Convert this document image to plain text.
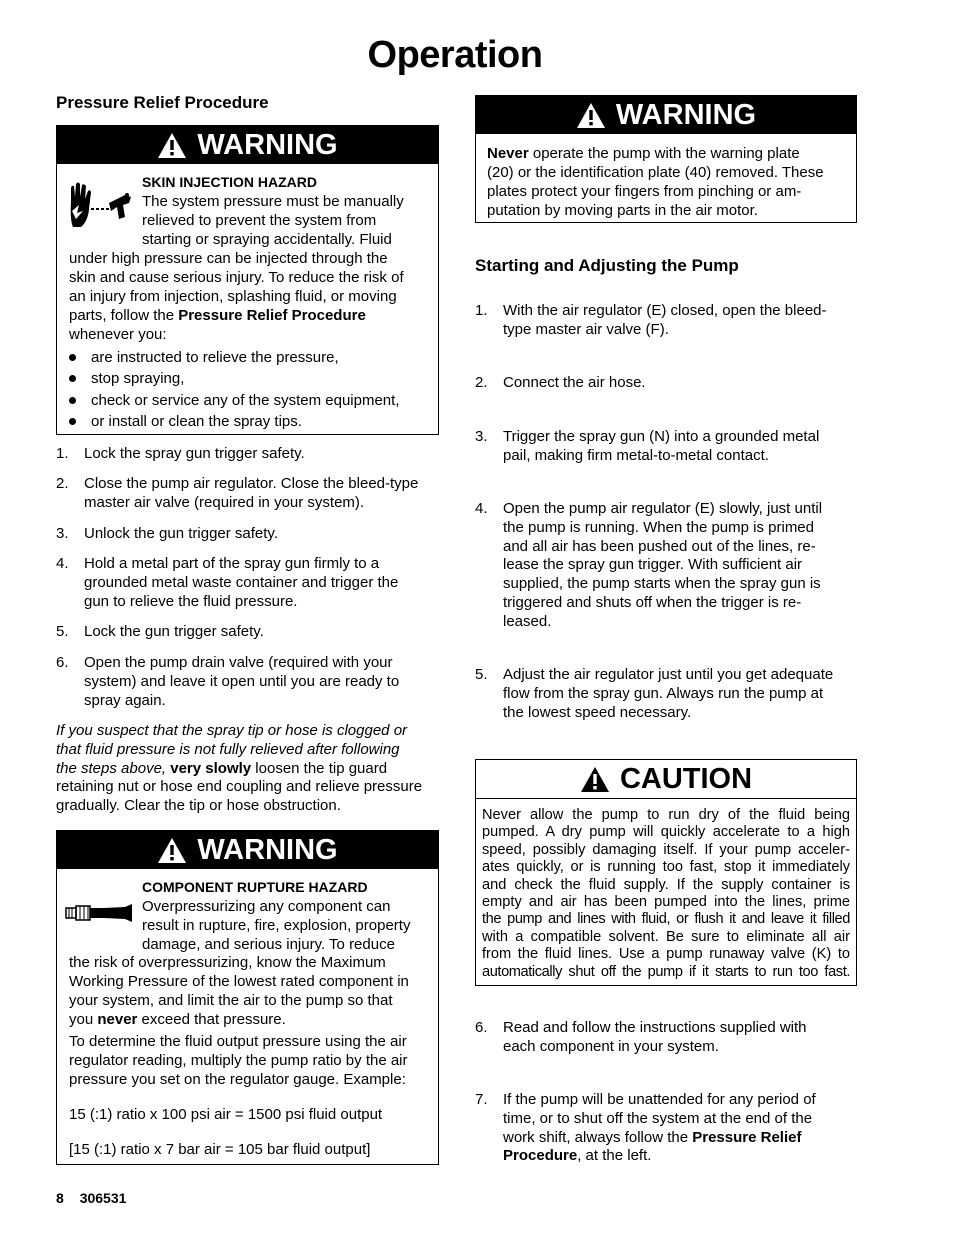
Operation
Pressure Relief Procedure
WARNING
SKIN INJECTION HAZARD
The system pressure must be manually
relieved to prevent the system from
starting or spraying accidentally. Fluid
under high pressure can be injected through the
skin and cause serious injury. To reduce the risk of
an injury from injection, splashing fluid, or moving
parts, follow the Pressure Relief Procedure
whenever you:
are instructed to relieve the pressure,
stop spraying,
check or service any of the system equipment,
or install or clean the spray tips.
1. Lock the spray gun trigger safety.
2. Close the pump air regulator. Close the bleed-type
master air valve (required in your system).
3. Unlock the gun trigger safety.
4. Hold a metal part of the spray gun firmly to a
grounded metal waste container and trigger the
gun to relieve the fluid pressure.
5. Lock the gun trigger safety.
6. Open the pump drain valve (required with your
system) and leave it open until you are ready to
spray again.
If you suspect that the spray tip or hose is clogged or
that fluid pressure is not fully relieved after following
the steps above, very slowly loosen the tip guard
retaining nut or hose end coupling and relieve pressure
gradually. Clear the tip or hose obstruction.
WARNING
COMPONENT RUPTURE HAZARD
Overpressurizing any component can
result in rupture, fire, explosion, property
damage, and serious injury. To reduce
the risk of overpressurizing, know the Maximum
Working Pressure of the lowest rated component in
your system, and limit the air to the pump so that
you never exceed that pressure.
To determine the fluid output pressure using the air
regulator reading, multiply the pump ratio by the air
pressure you set on the regulator gauge. Example:
15 (:1) ratio x 100 psi air = 1500 psi fluid output
[15 (:1) ratio x 7 bar air = 105 bar fluid output]
WARNING
Never operate the pump with the warning plate
(20) or the identification plate (40) removed. These
plates protect your fingers from pinching or am-
putation by moving parts in the air motor.
Starting and Adjusting the Pump
1. With the air regulator (E) closed, open the bleed-
type master air valve (F).
2. Connect the air hose.
3. Trigger the spray gun (N) into a grounded metal
pail, making firm metal-to-metal contact.
4. Open the pump air regulator (E) slowly, just until
the pump is running. When the pump is primed
and all air has been pushed out of the lines, re-
lease the spray gun trigger. With sufficient air
supplied, the pump starts when the spray gun is
triggered and shuts off when the trigger is re-
leased.
5. Adjust the air regulator just until you get adequate
flow from the spray gun. Always run the pump at
the lowest speed necessary.
CAUTION
Never allow the pump to run dry of the fluid being
pumped. A dry pump will quickly accelerate to a high
speed, possibly damaging itself. If your pump acceler-
ates quickly, or is running too fast, stop it immediately
and check the fluid supply. If the supply container is
empty and air has been pumped into the lines, prime
the pump and lines with fluid, or flush it and leave it filled
with a compatible solvent. Be sure to eliminate all air
from the fluid lines. Use a pump runaway valve (K) to
automatically shut off the pump if it starts to run too fast.
6. Read and follow the instructions supplied with
each component in your system.
7. If the pump will be unattended for any period of
time, or to shut off the system at the end of the
work shift, always follow the Pressure Relief
Procedure, at the left.
8 306531
